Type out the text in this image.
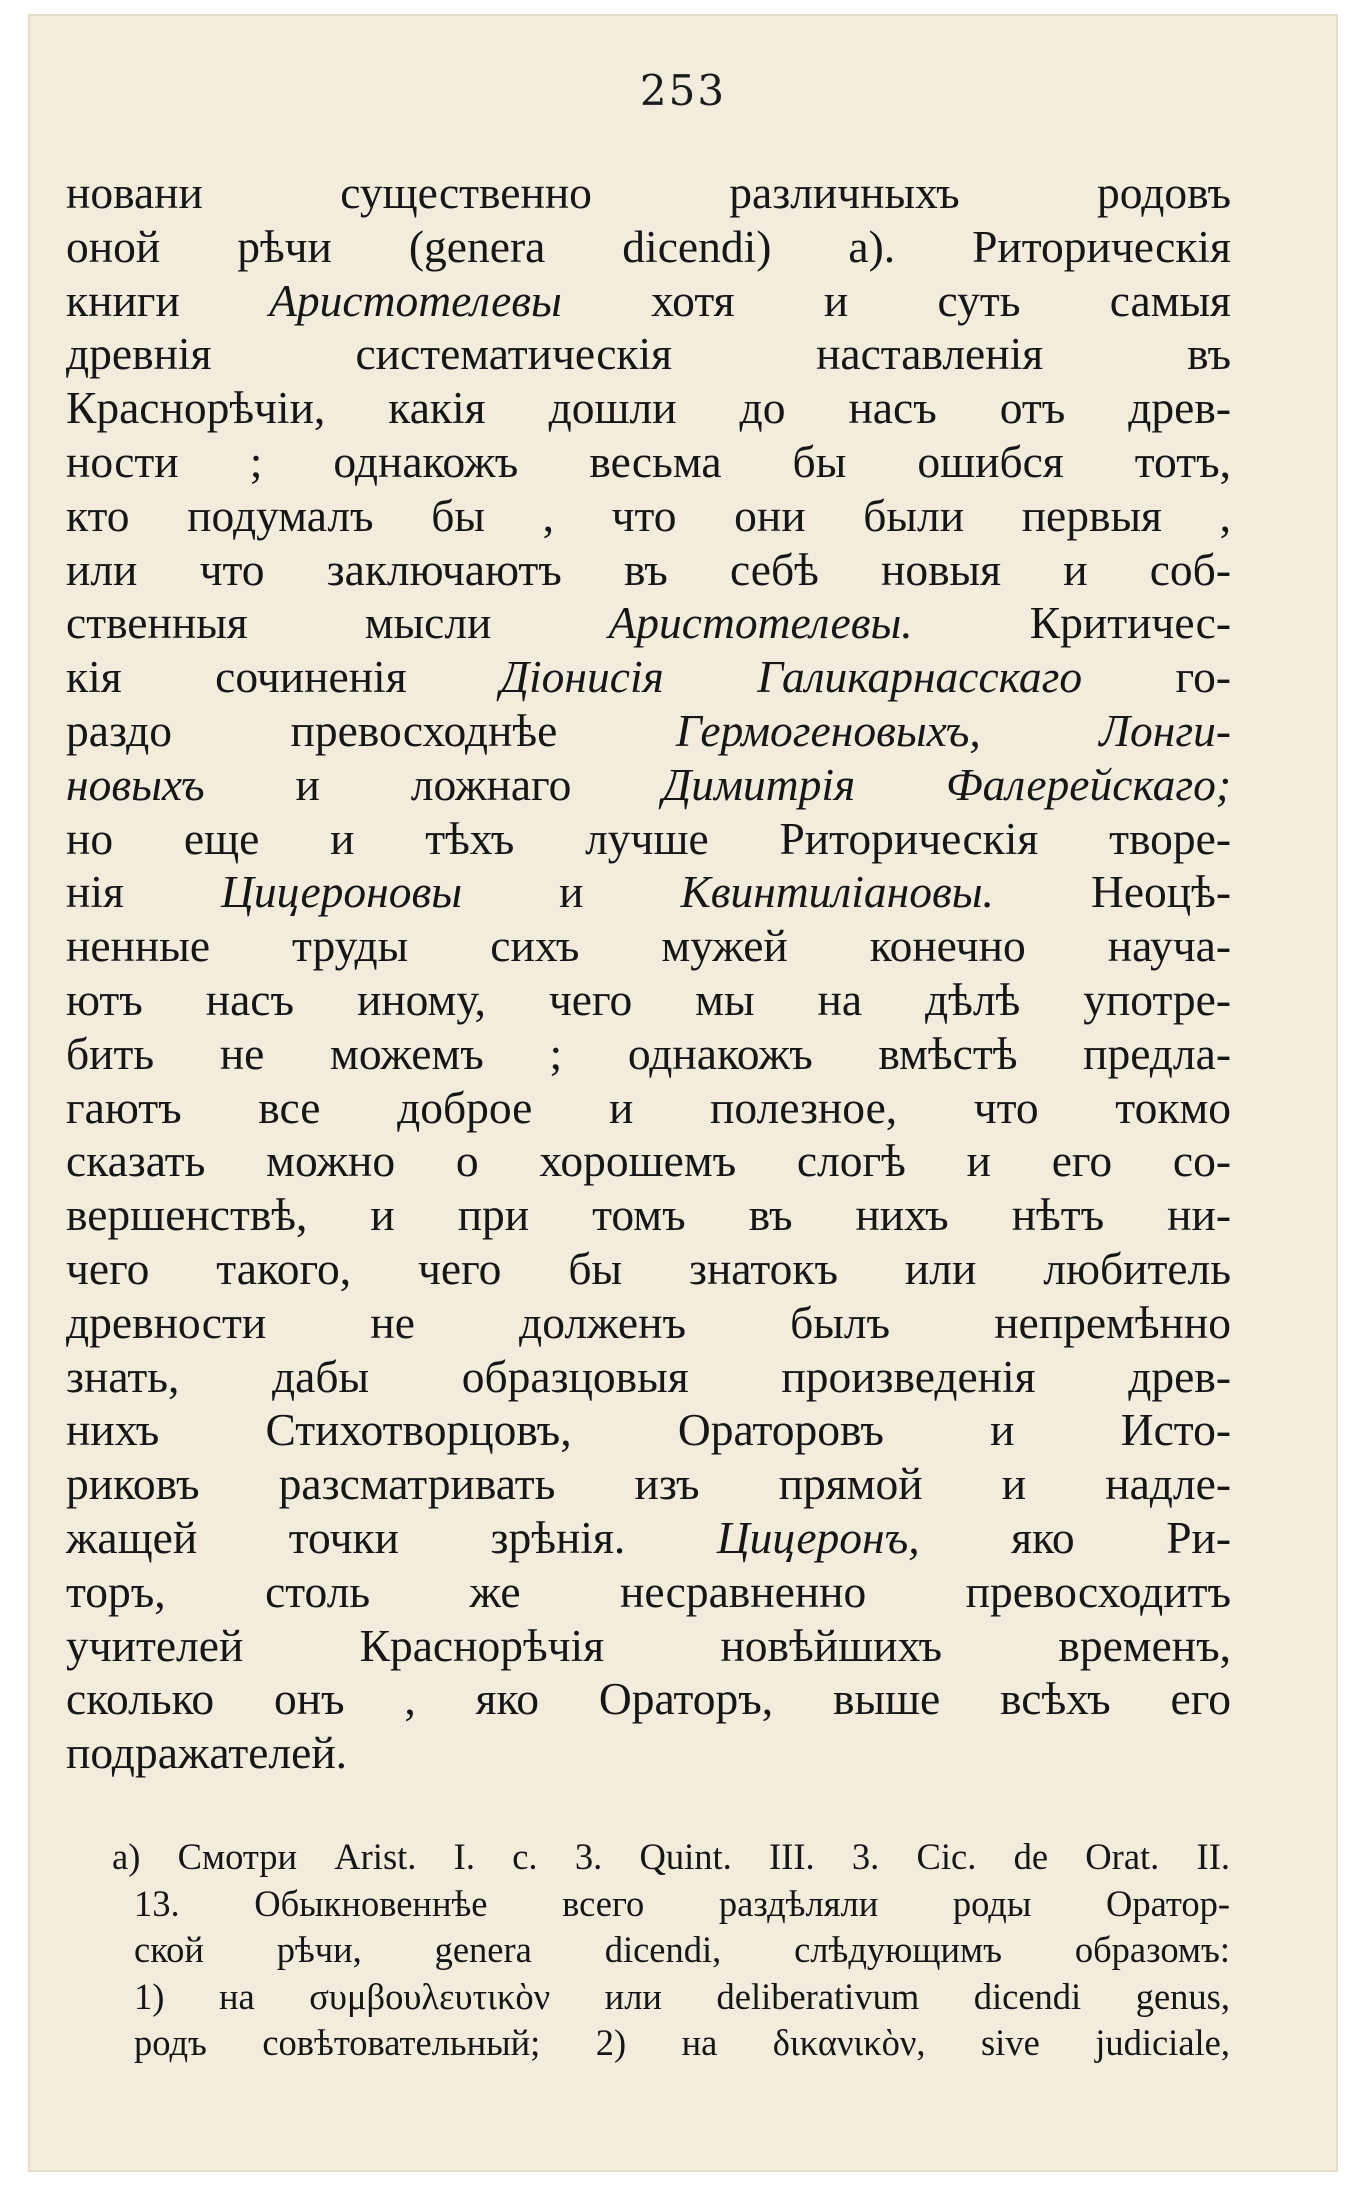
253
новани существенно различныхъ родовъ
оной рѣчи (genera dicendi) а). Риторическія
книги Аристотелевы хотя и суть самыя
древнія систематическія наставленія въ
Краснорѣчіи, какія дошли до насъ отъ древ-
ности ; однакожъ весьма бы ошибся тотъ,
кто подумалъ бы , что они были первыя ,
или что заключаютъ въ себѣ новыя и соб-
ственныя мысли Аристотелевы. Критичес-
кія сочиненія Діонисія Галикарнасскаго го-
раздо превосходнѣе Гермогеновыхъ,	Лонги-
новыхъ и ложнаго Димитрія Фалерейскаго;
но еще и тѣхъ лучше Риторическія творе-
нія Цицероновы и Квинтиліановы. Неоцѣ-
ненные труды сихъ мужей конечно науча-
ютъ насъ иному, чего мы на дѣлѣ употре-
бить не можемъ ; однакожъ вмѣстѣ предла-
гаютъ все доброе и полезное, что токмо
сказать можно о хорошемъ слогѣ и его со-
вершенствѣ, и при томъ въ нихъ нѣтъ ни-
чего такого, чего бы знатокъ или любитель
древности не долженъ былъ непремѣнно
знать, дабы образцовыя произведенія древ-
нихъ Стихотворцовъ, Ораторовъ и Исто-
риковъ разсматривать изъ прямой и надле-
жащей точки зрѣнія. Цицеронъ, яко Ри-
торъ, столь же несравненно превосходитъ
учителей Краснорѣчія новѣйшихъ временъ,
сколько онъ , яко Ораторъ, выше всѣхъ его
подражателей.
а) Смотри Arist. I. c. 3. Quint. III. 3. Cic. de Orat. II.
13. Обыкновеннѣе всего раздѣляли роды Оратор-
ской рѣчи, genera dicendi, слѣдующимъ образомъ:
1) на συμβουλευτικὸν или deliberativum dicendi genus,
родъ совѣтовательный; 2) на δικανικὸν, sive judiciale,
